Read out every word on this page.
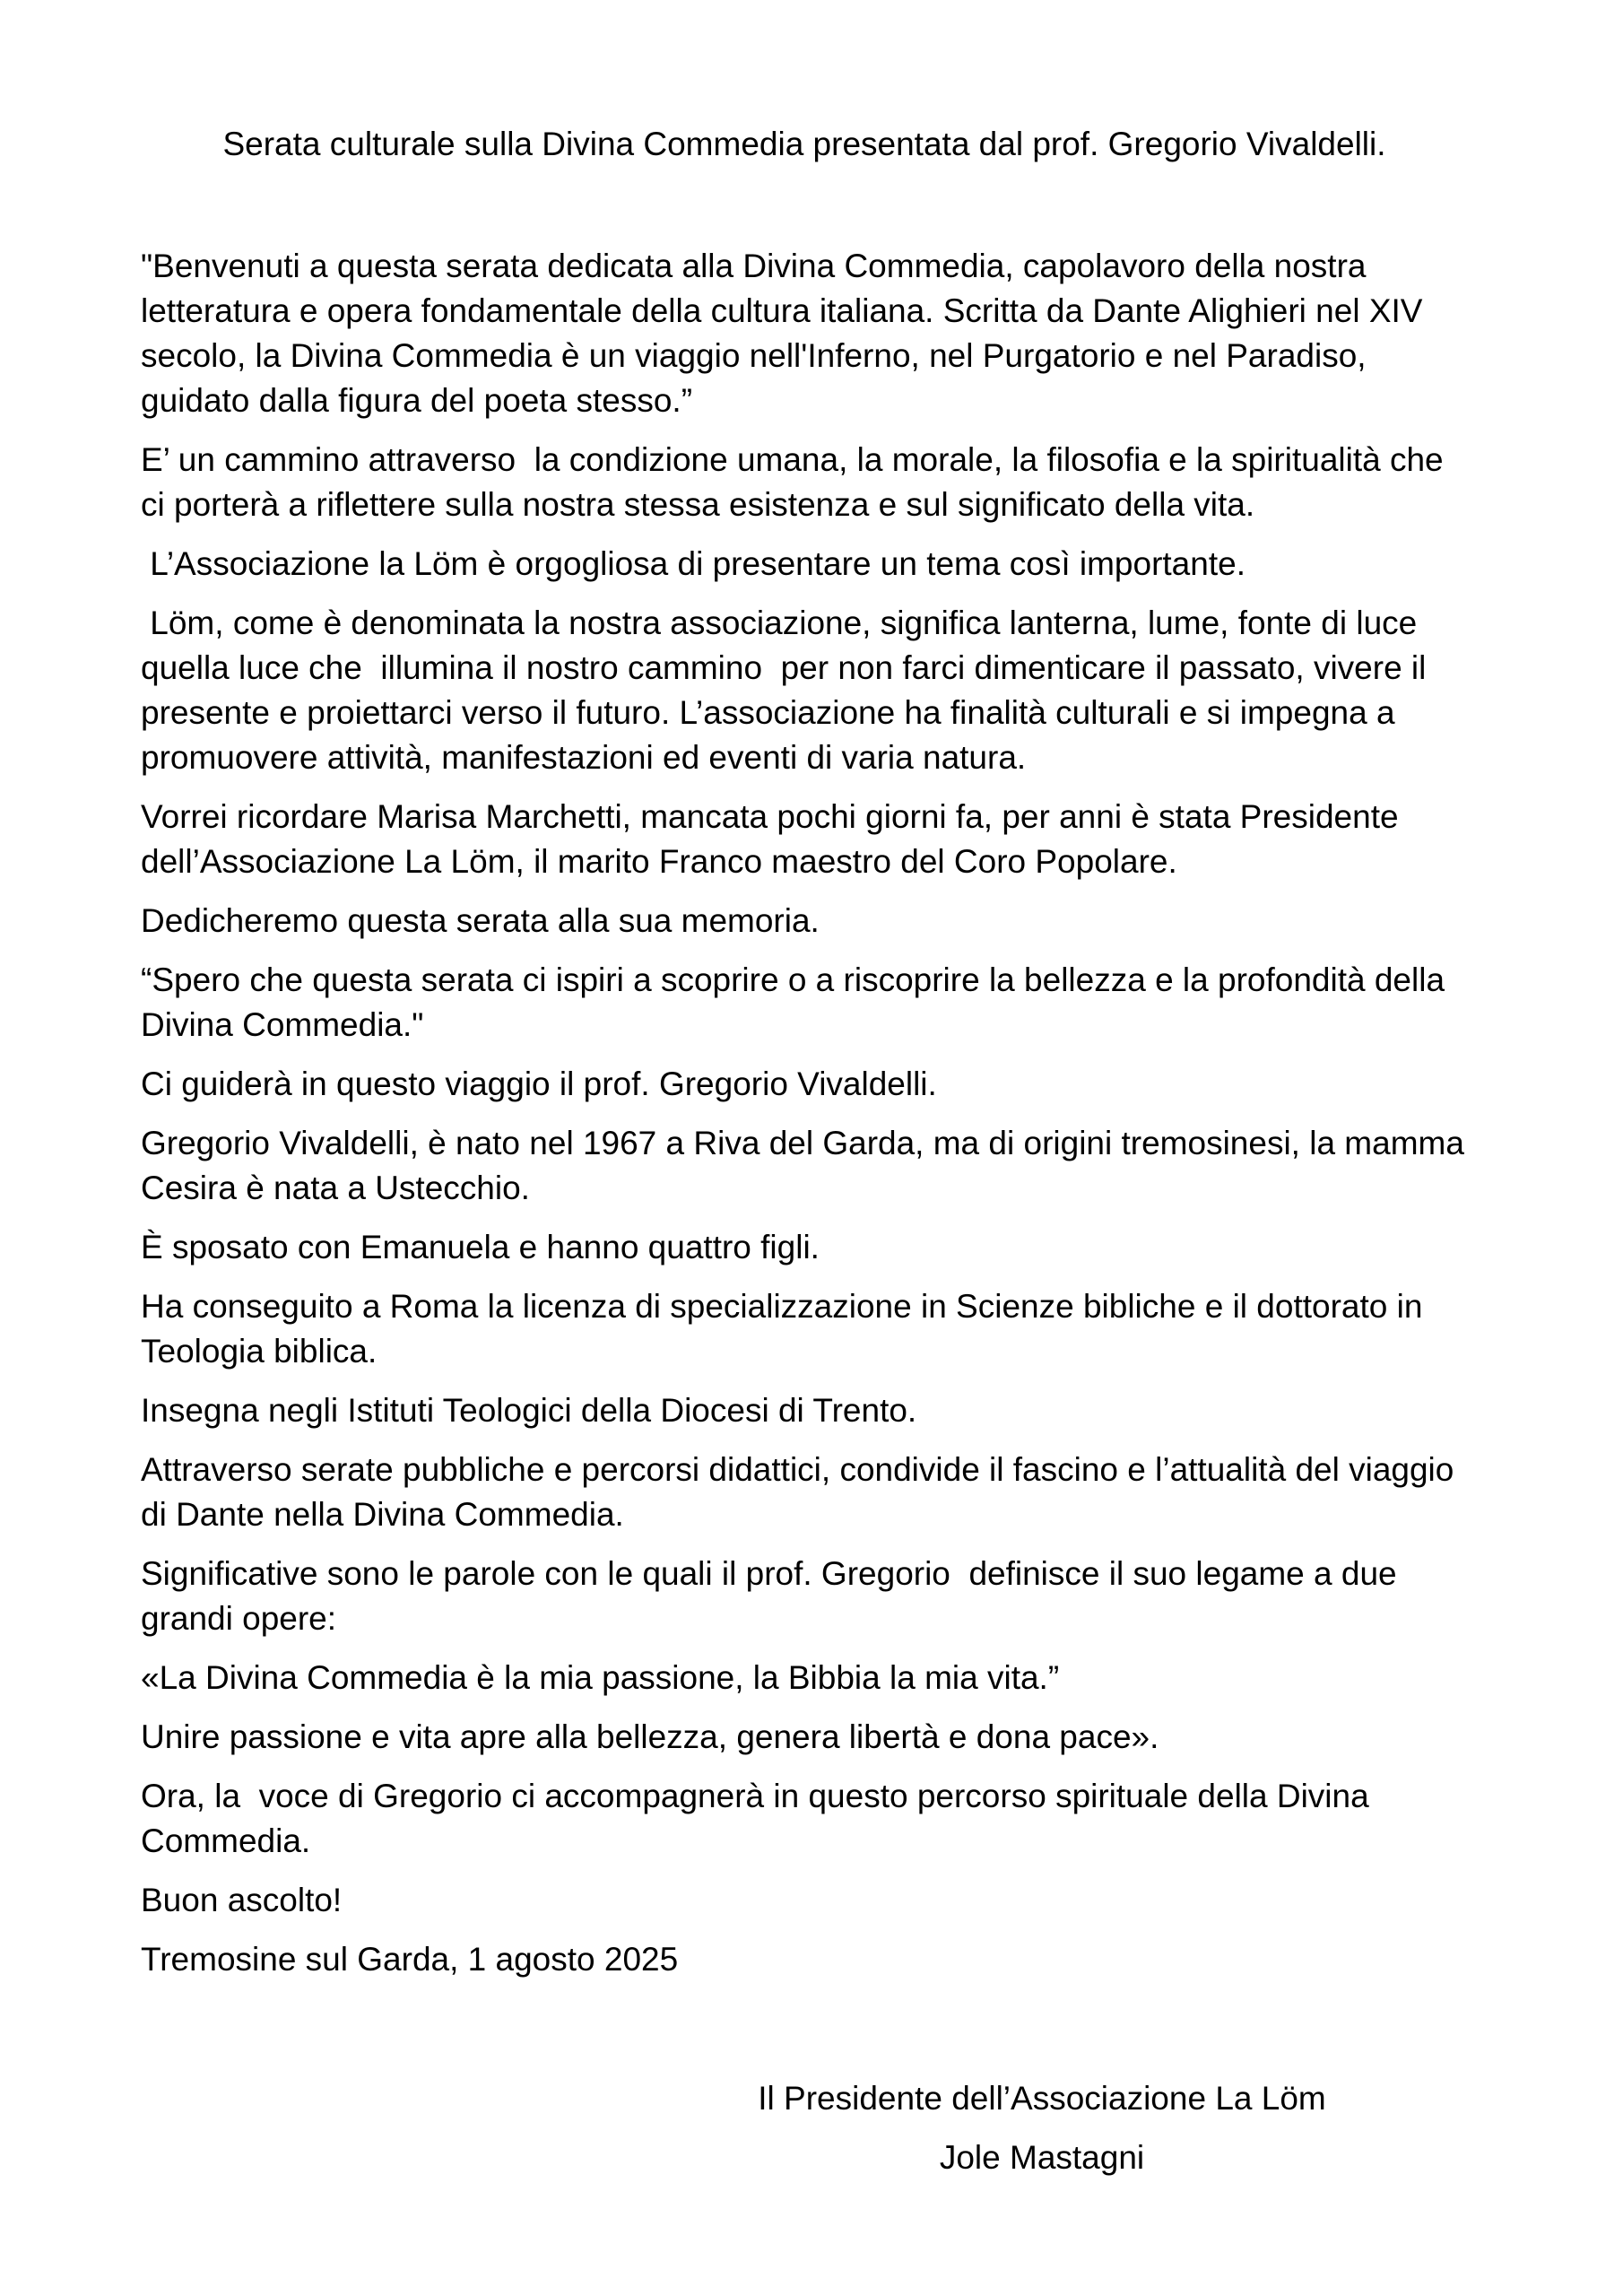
Serata culturale sulla Divina Commedia presentata dal prof. Gregorio Vivaldelli.

"Benvenuti a questa serata dedicata alla Divina Commedia, capolavoro della nostra letteratura e opera fondamentale della cultura italiana. Scritta da Dante Alighieri nel XIV secolo, la Divina Commedia è un viaggio nell'Inferno, nel Purgatorio e nel Paradiso, guidato dalla figura del poeta stesso.”

E’ un cammino attraverso  la condizione umana, la morale, la filosofia e la spiritualità che ci porterà a riflettere sulla nostra stessa esistenza e sul significato della vita.

L’Associazione la Löm è orgogliosa di presentare un tema così importante.

Löm, come è denominata la nostra associazione, significa lanterna, lume, fonte di luce quella luce che  illumina il nostro cammino  per non farci dimenticare il passato, vivere il presente e proiettarci verso il futuro. L’associazione ha finalità culturali e si impegna a promuovere attività, manifestazioni ed eventi di varia natura.

Vorrei ricordare Marisa Marchetti, mancata pochi giorni fa, per anni è stata Presidente  dell’Associazione La Löm, il marito Franco maestro del Coro Popolare.

Dedicheremo questa serata alla sua memoria.

“Spero che questa serata ci ispiri a scoprire o a riscoprire la bellezza e la profondità della Divina Commedia."

Ci guiderà in questo viaggio il prof. Gregorio Vivaldelli.

Gregorio Vivaldelli, è nato nel 1967 a Riva del Garda, ma di origini tremosinesi, la mamma Cesira è nata a Ustecchio.

È sposato con Emanuela e hanno quattro figli.

Ha conseguito a Roma la licenza di specializzazione in Scienze bibliche e il dottorato in Teologia biblica.

Insegna negli Istituti Teologici della Diocesi di Trento.

Attraverso serate pubbliche e percorsi didattici, condivide il fascino e l’attualità del viaggio di Dante nella Divina Commedia.

Significative sono le parole con le quali il prof. Gregorio  definisce il suo legame a due grandi opere:

«La Divina Commedia è la mia passione, la Bibbia la mia vita.”

Unire passione e vita apre alla bellezza, genera libertà e dona pace».

Ora, la  voce di Gregorio ci accompagnerà in questo percorso spirituale della Divina Commedia.

Buon ascolto!

Tremosine sul Garda, 1 agosto 2025

Il Presidente dell’Associazione La Löm

Jole Mastagni
